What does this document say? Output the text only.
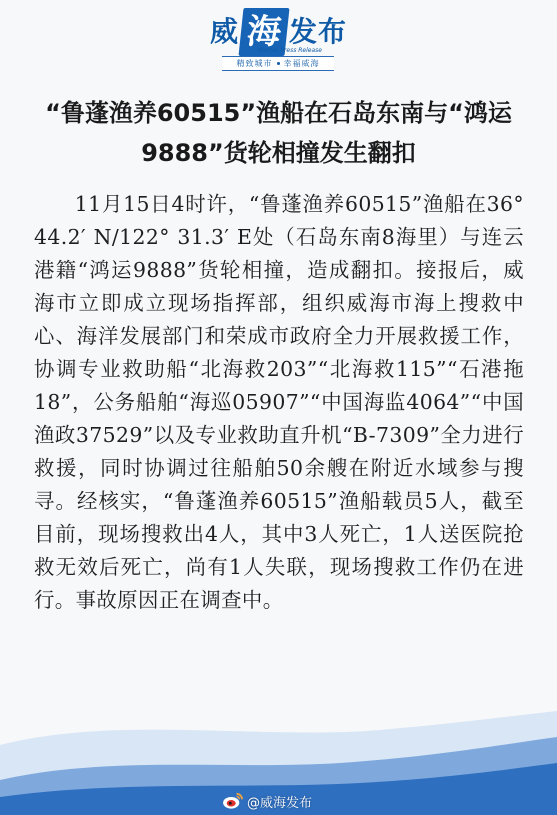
威 海 发布
Weihai Press Release
精致城市 幸福威海
“鲁蓬渔养60515”渔船在石岛东南与“鸿运9888”货轮相撞发生翻扣

11月15日4时许，“鲁蓬渔养60515”渔船在36° 44.2′ N/122° 31.3′ E处（石岛东南8海里）与连云港籍“鸿运9888”货轮相撞，造成翻扣。接报后，威海市立即成立现场指挥部，组织威海市海上搜救中心、海洋发展部门和荣成市政府全力开展救援工作，协调专业救助船“北海救203”“北海救115”“石港拖18”，公务船舶“海巡05907”“中国海监4064”“中国渔政37529”以及专业救助直升机“B-7309”全力进行救援，同时协调过往船舶50余艘在附近水域参与搜寻。经核实，“鲁蓬渔养60515”渔船载员5人，截至目前，现场搜救出4人，其中3人死亡，1人送医院抢救无效后死亡，尚有1人失联，现场搜救工作仍在进行。事故原因正在调查中。

@威海发布
